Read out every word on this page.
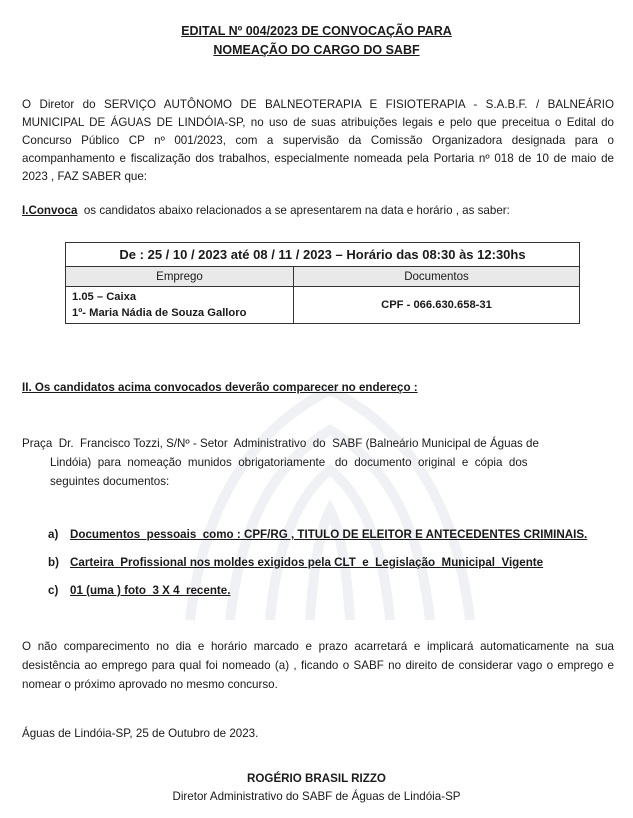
EDITAL Nº 004/2023 DE CONVOCAÇÃO PARA
NOMEAÇÃO DO CARGO DO SABF
O Diretor do SERVIÇO AUTÔNOMO DE BALNEOTERAPIA E FISIOTERAPIA - S.A.B.F. / BALNEÁRIO MUNICIPAL DE ÁGUAS DE LINDÓIA-SP, no uso de suas atribuições legais e pelo que preceitua o Edital do Concurso Público CP nº 001/2023, com a supervisão da Comissão Organizadora designada para o acompanhamento e fiscalização dos trabalhos, especialmente nomeada pela Portaria nº 018 de 10 de maio de 2023 , FAZ SABER que:
I.Convoca  os candidatos abaixo relacionados a se apresentarem na data e horário , as saber:
De : 25 / 10 / 2023 até 08 / 11 / 2023 – Horário das 08:30 às 12:30hs	
Emprego	Documentos

1.05 – Caixa
1º- Maria Nádia de Souza Galloro	CPF - 066.630.658-31
II. Os candidatos acima convocados deverão comparecer no endereço :
Praça  Dr.  Francisco Tozzi, S/Nº - Setor  Administrativo  do  SABF (Balneário Municipal de Águas de
Lindóia)  para  nomeação  munidos  obrigatoriamente   do  documento  original  e  cópia  dos
seguintes documentos:
a) Documentos  pessoais  como : CPF/RG , TITULO DE ELEITOR E ANTECEDENTES CRIMINAIS.
b) Carteira  Profissional nos moldes exigidos pela CLT  e  Legislação  Municipal  Vigente
c) 01 (uma ) foto  3 X 4  recente.
O não comparecimento no dia e horário marcado e prazo acarretará e implicará automaticamente na sua desistência ao emprego para qual foi nomeado (a) , ficando o SABF no direito de considerar vago o emprego e nomear o próximo aprovado no mesmo concurso.
Águas de Lindóia-SP, 25 de Outubro de 2023.
ROGÉRIO BRASIL RIZZO
Diretor Administrativo do SABF de Águas de Lindóia-SP
